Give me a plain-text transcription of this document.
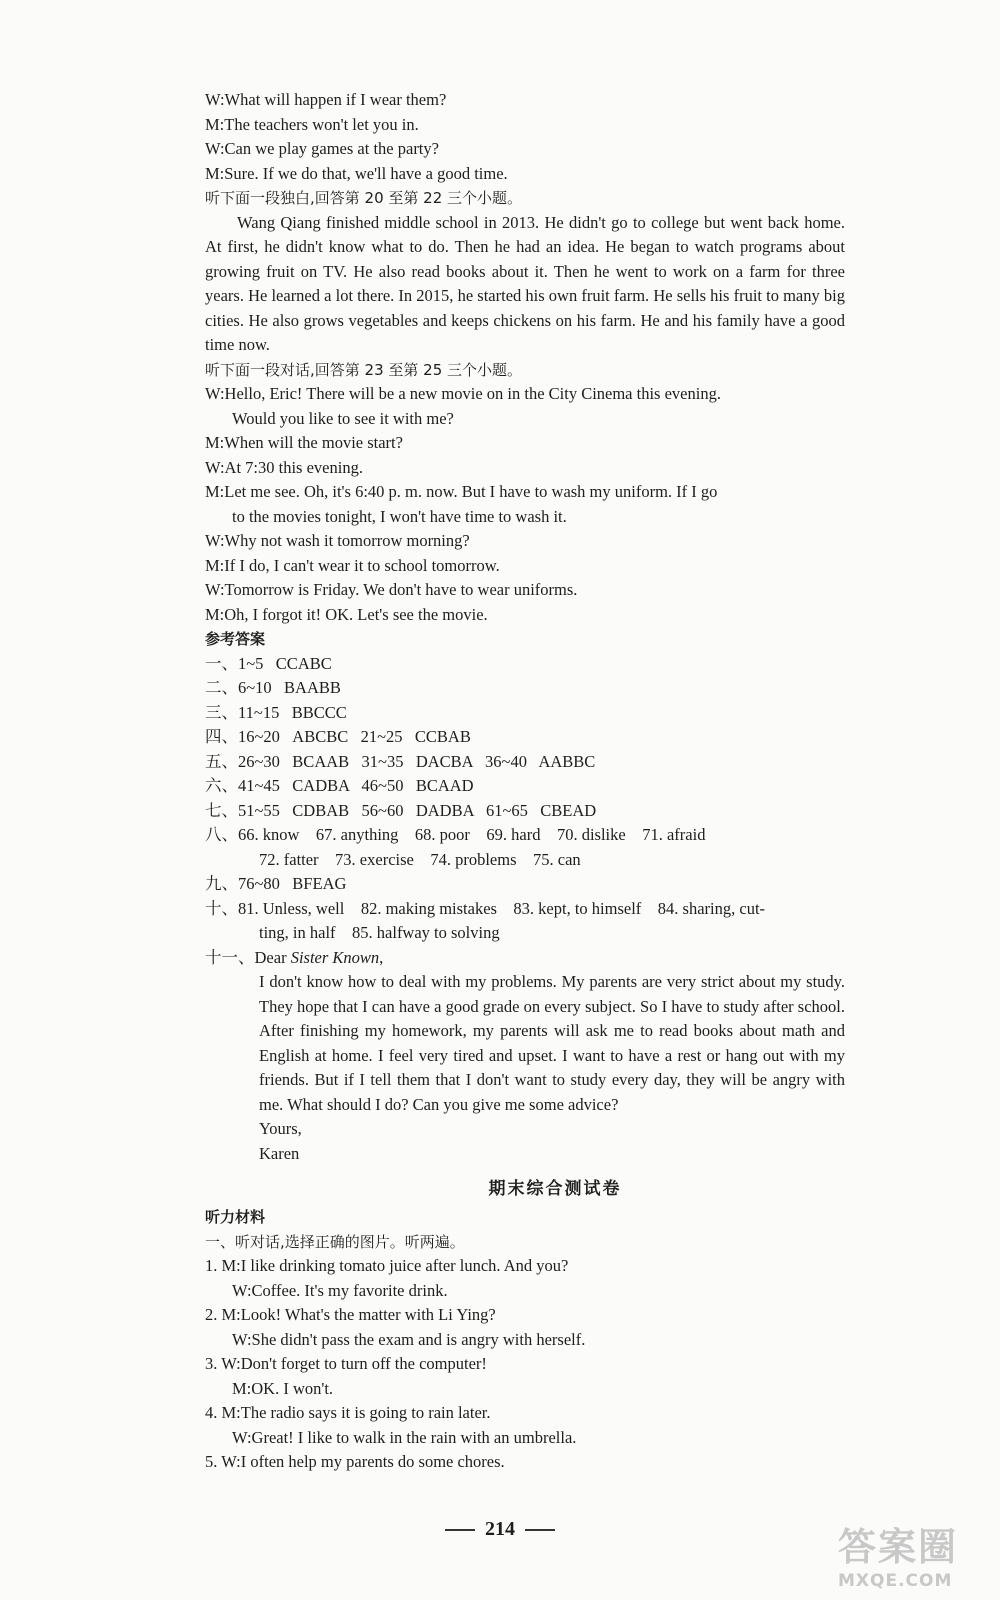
W:What will happen if I wear them?
M:The teachers won't let you in.
W:Can we play games at the party?
M:Sure. If we do that, we'll have a good time.
听下面一段独白,回答第 20 至第 22 三个小题。
Wang Qiang finished middle school in 2013. He didn't go to college but went back home. At first, he didn't know what to do. Then he had an idea. He began to watch programs about growing fruit on TV. He also read books about it. Then he went to work on a farm for three years. He learned a lot there. In 2015, he started his own fruit farm. He sells his fruit to many big cities. He also grows vegetables and keeps chickens on his farm. He and his family have a good time now.
听下面一段对话,回答第 23 至第 25 三个小题。
W:Hello, Eric! There will be a new movie on in the City Cinema this evening.
Would you like to see it with me?
M:When will the movie start?
W:At 7:30 this evening.
M:Let me see. Oh, it's 6:40 p. m. now. But I have to wash my uniform. If I go
to the movies tonight, I won't have time to wash it.
W:Why not wash it tomorrow morning?
M:If I do, I can't wear it to school tomorrow.
W:Tomorrow is Friday. We don't have to wear uniforms.
M:Oh, I forgot it! OK. Let's see the movie.
参考答案
一、1~5   CCABC
二、6~10   BAABB
三、11~15   BBCCC
四、16~20   ABCBC   21~25   CCBAB
五、26~30   BCAAB   31~35   DACBA   36~40   AABBC
六、41~45   CADBA   46~50   BCAAD
七、51~55   CDBAB   56~60   DADBA   61~65   CBEAD
八、66. know    67. anything    68. poor    69. hard    70. dislike    71. afraid
72. fatter    73. exercise    74. problems    75. can
九、76~80   BFEAG
十、81. Unless, well    82. making mistakes    83. kept, to himself    84. sharing, cut-
ting, in half    85. halfway to solving
十一、Dear Sister Known,
I don't know how to deal with my problems. My parents are very strict about my study. They hope that I can have a good grade on every subject. So I have to study after school. After finishing my homework, my parents will ask me to read books about math and English at home. I feel very tired and upset. I want to have a rest or hang out with my friends. But if I tell them that I don't want to study every day, they will be angry with me. What should I do? Can you give me some advice?
Yours,
Karen
期末综合测试卷
听力材料
一、听对话,选择正确的图片。听两遍。
1. M:I like drinking tomato juice after lunch. And you?
W:Coffee. It's my favorite drink.
2. M:Look! What's the matter with Li Ying?
W:She didn't pass the exam and is angry with herself.
3. W:Don't forget to turn off the computer!
M:OK. I won't.
4. M:The radio says it is going to rain later.
W:Great! I like to walk in the rain with an umbrella.
5. W:I often help my parents do some chores.
214	答案圈
MXQE.COM
